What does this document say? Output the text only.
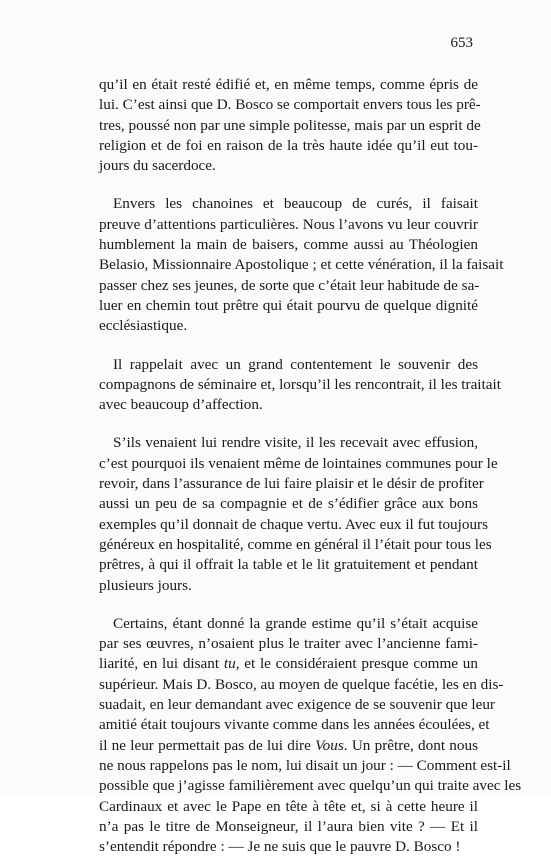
653

qu’il en était resté édifié et, en même temps, comme épris de
lui. C’est ainsi que D. Bosco se comportait envers tous les prê-
tres, poussé non par une simple politesse, mais par un esprit de
religion et de foi en raison de la très haute idée qu’il eut tou-
jours du sacerdoce.

Envers les chanoines et beaucoup de curés, il faisait
preuve d’attentions particulières. Nous l’avons vu leur couvrir
humblement la main de baisers, comme aussi au Théologien
Belasio, Missionnaire Apostolique ; et cette vénération, il la faisait
passer chez ses jeunes, de sorte que c’était leur habitude de sa-
luer en chemin tout prêtre qui était pourvu de quelque dignité
ecclésiastique.

Il rappelait avec un grand contentement le souvenir des
compagnons de séminaire et, lorsqu’il les rencontrait, il les traitait
avec beaucoup d’affection.

S’ils venaient lui rendre visite, il les recevait avec effusion,
c’est pourquoi ils venaient même de lointaines communes pour le
revoir, dans l’assurance de lui faire plaisir et le désir de profiter
aussi un peu de sa compagnie et de s’édifier grâce aux bons
exemples qu’il donnait de chaque vertu. Avec eux il fut toujours
généreux en hospitalité, comme en général il l’était pour tous les
prêtres, à qui il offrait la table et le lit gratuitement et pendant
plusieurs jours.

Certains, étant donné la grande estime qu’il s’était acquise
par ses œuvres, n’osaient plus le traiter avec l’ancienne fami-
liarité, en lui disant tu, et le considéraient presque comme un
supérieur. Mais D. Bosco, au moyen de quelque facétie, les en dis-
suadait, en leur demandant avec exigence de se souvenir que leur
amitié était toujours vivante comme dans les années écoulées, et
il ne leur permettait pas de lui dire Vous. Un prêtre, dont nous
ne nous rappelons pas le nom, lui disait un jour : — Comment est-il
possible que j’agisse familièrement avec quelqu’un qui traite avec les
Cardinaux et avec le Pape en tête à tête et, si à cette heure il
n’a pas le titre de Monseigneur, il l’aura bien vite ? — Et il
s’entendit répondre : — Je ne suis que le pauvre D. Bosco !
